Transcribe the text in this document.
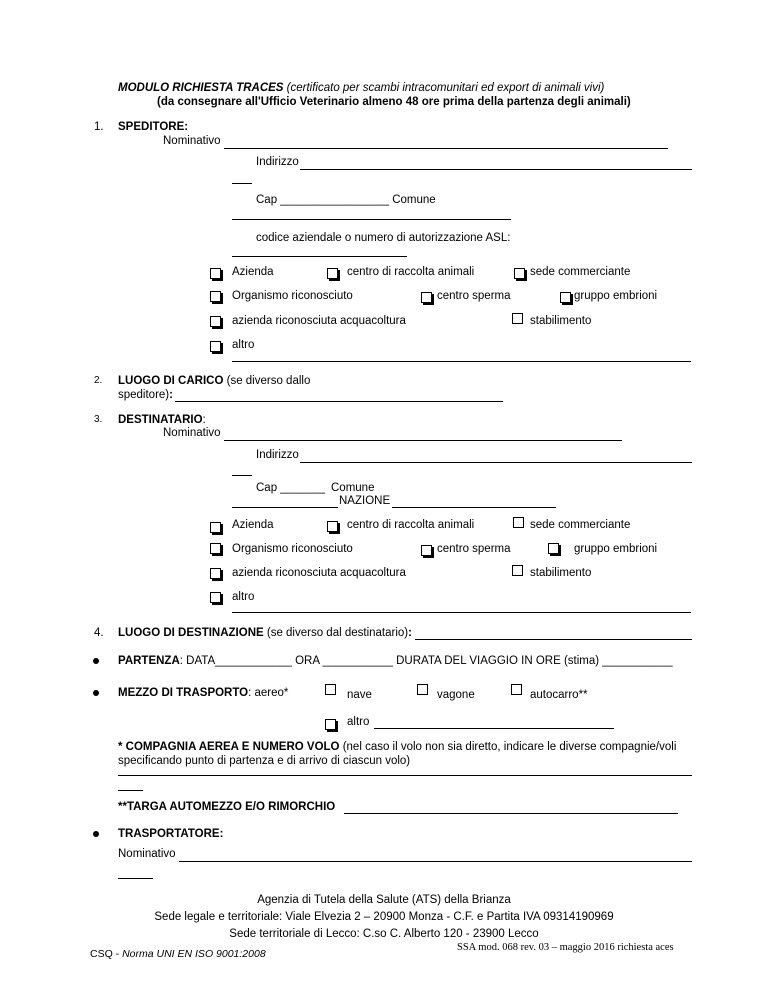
MODULO RICHIESTA TRACES (certificato per scambi intracomunitari ed export di animali vivi)
(da consegnare all'Ufficio Veterinario almeno 48 ore prima della partenza degli animali)
1. SPEDITORE:
Nominativo
Indirizzo
Cap _________________ Comune
codice aziendale o numero di autorizzazione ASL:
Azienda	centro di raccolta animali	sede commerciante
Organismo riconosciuto	centro sperma	gruppo embrioni
azienda riconosciuta acquacoltura	stabilimento
altro
2. LUOGO DI CARICO (se diverso dallo
speditore):
3. DESTINATARIO:
Nominativo
Indirizzo
Cap _______ Comune
NAZIONE
Azienda	centro di raccolta animali	sede commerciante
Organismo riconosciuto	centro sperma	gruppo embrioni
azienda riconosciuta acquacoltura	stabilimento
altro
4. LUOGO DI DESTINAZIONE (se diverso dal destinatario):
PARTENZA: DATA____________ ORA ___________ DURATA DEL VIAGGIO IN ORE (stima) ___________
MEZZO DI TRASPORTO: aereo*	nave	vagone	autocarro**
altro
* COMPAGNIA AEREA E NUMERO VOLO (nel caso il volo non sia diretto, indicare le diverse compagnie/voli
specificando punto di partenza e di arrivo di ciascun volo)
**TARGA AUTOMEZZO E/O RIMORCHIO
TRASPORTATORE:
Nominativo
Agenzia di Tutela della Salute (ATS) della Brianza
Sede legale e territoriale: Viale Elvezia 2 – 20900 Monza - C.F. e Partita IVA 09314190969
Sede territoriale di Lecco: C.so C. Alberto 120 - 23900 Lecco
SSA mod. 068 rev. 03 – maggio 2016 richiesta aces
CSQ - Norma UNI EN ISO 9001:2008
